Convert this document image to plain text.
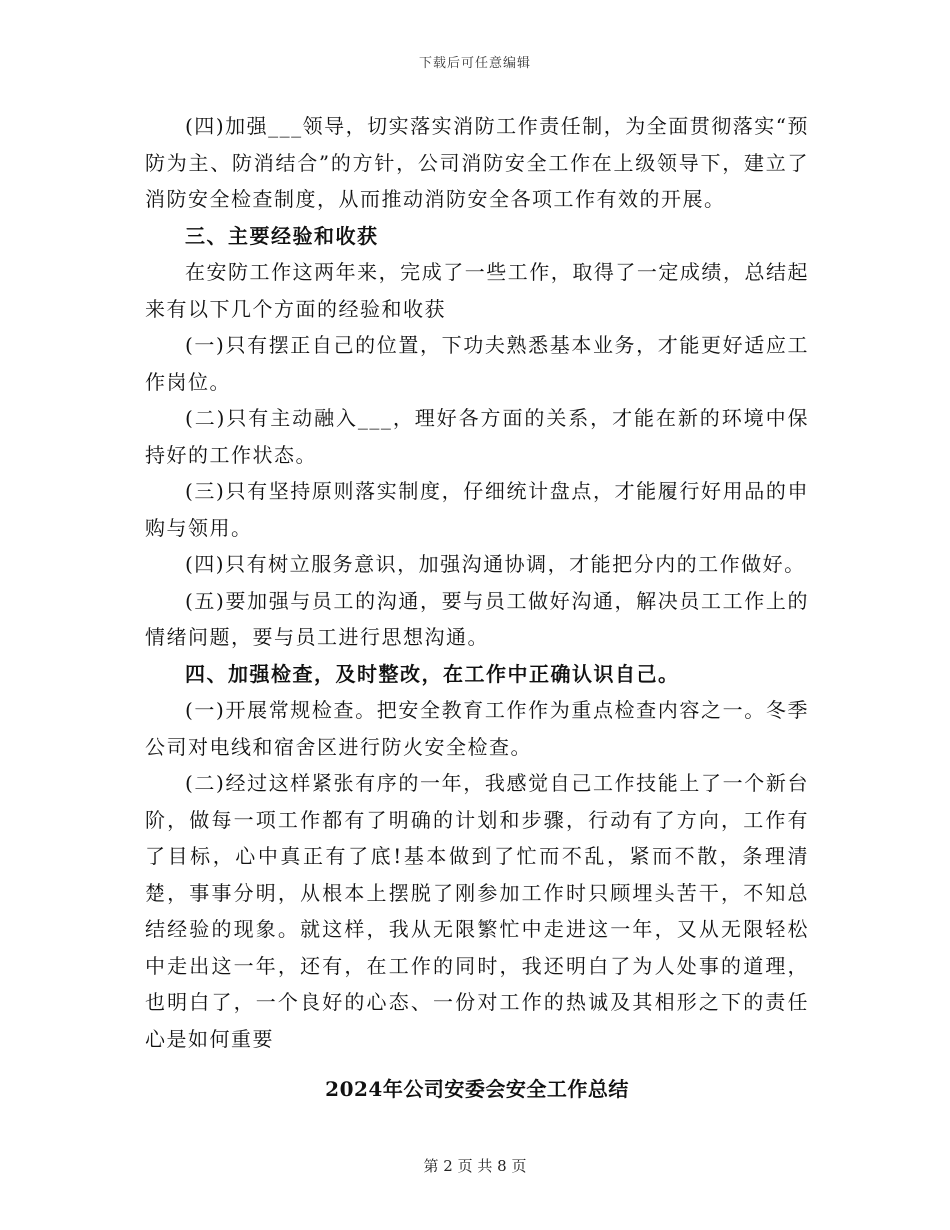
下载后可任意编辑

(四)加强___领导，切实落实消防工作责任制，为全面贯彻落实“预防为主、防消结合”的方针，公司消防安全工作在上级领导下，建立了消防安全检查制度，从而推动消防安全各项工作有效的开展。

三、主要经验和收获

在安防工作这两年来，完成了一些工作，取得了一定成绩，总结起来有以下几个方面的经验和收获

(一)只有摆正自己的位置，下功夫熟悉基本业务，才能更好适应工作岗位。

(二)只有主动融入___，理好各方面的关系，才能在新的环境中保持好的工作状态。

(三)只有坚持原则落实制度，仔细统计盘点，才能履行好用品的申购与领用。

(四)只有树立服务意识，加强沟通协调，才能把分内的工作做好。

(五)要加强与员工的沟通，要与员工做好沟通，解决员工工作上的情绪问题，要与员工进行思想沟通。

四、加强检查，及时整改，在工作中正确认识自己。

(一)开展常规检查。把安全教育工作作为重点检查内容之一。冬季公司对电线和宿舍区进行防火安全检查。

(二)经过这样紧张有序的一年，我感觉自己工作技能上了一个新台阶，做每一项工作都有了明确的计划和步骤，行动有了方向，工作有了目标，心中真正有了底!基本做到了忙而不乱，紧而不散，条理清楚，事事分明，从根本上摆脱了刚参加工作时只顾埋头苦干，不知总结经验的现象。就这样，我从无限繁忙中走进这一年，又从无限轻松中走出这一年，还有，在工作的同时，我还明白了为人处事的道理，也明白了，一个良好的心态、一份对工作的热诚及其相形之下的责任心是如何重要

2024年公司安委会安全工作总结

第 2 页 共 8 页
